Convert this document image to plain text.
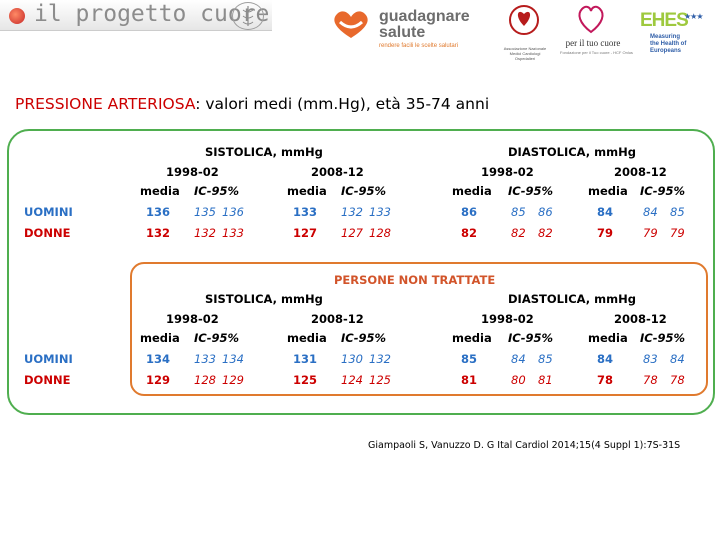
il progetto cuore	guadagnare
salute
rendere facili le scelte salutari	Associazione Nazionale Medici Cardiologi Ospedalieri
per il tuo cuore
Fondazione per il Tuo cuore - HCF Onlus
EHES
★★★
Measuring
the Health of
Europeans
PRESSIONE ARTERIOSA: valori medi (mm.Hg), età 35-74 anni
SISTOLICA, mmHg	DIASTOLICA, mmHg
1998-02	2008-12	1998-02	2008-12
media IC-95%	media IC-95%	media IC-95%	media IC-95%
UOMINI	136 135 136	133 132 133	86	85 86	84	84 85
DONNE	132 132 133	127 127 128	82	82 82	79	79 79
PERSONE NON TRATTATE
SISTOLICA, mmHg	DIASTOLICA, mmHg
1998-02	2008-12	1998-02	2008-12
media IC-95%	media IC-95%	media IC-95%	media IC-95%
UOMINI	134 133 134	131 130 132	85	84 85	84	83 84
DONNE	129 128 129	125 124 125	81	80 81	78	78 78
Giampaoli S, Vanuzzo D. G Ital Cardiol 2014;15(4 Suppl 1):7S-31S
